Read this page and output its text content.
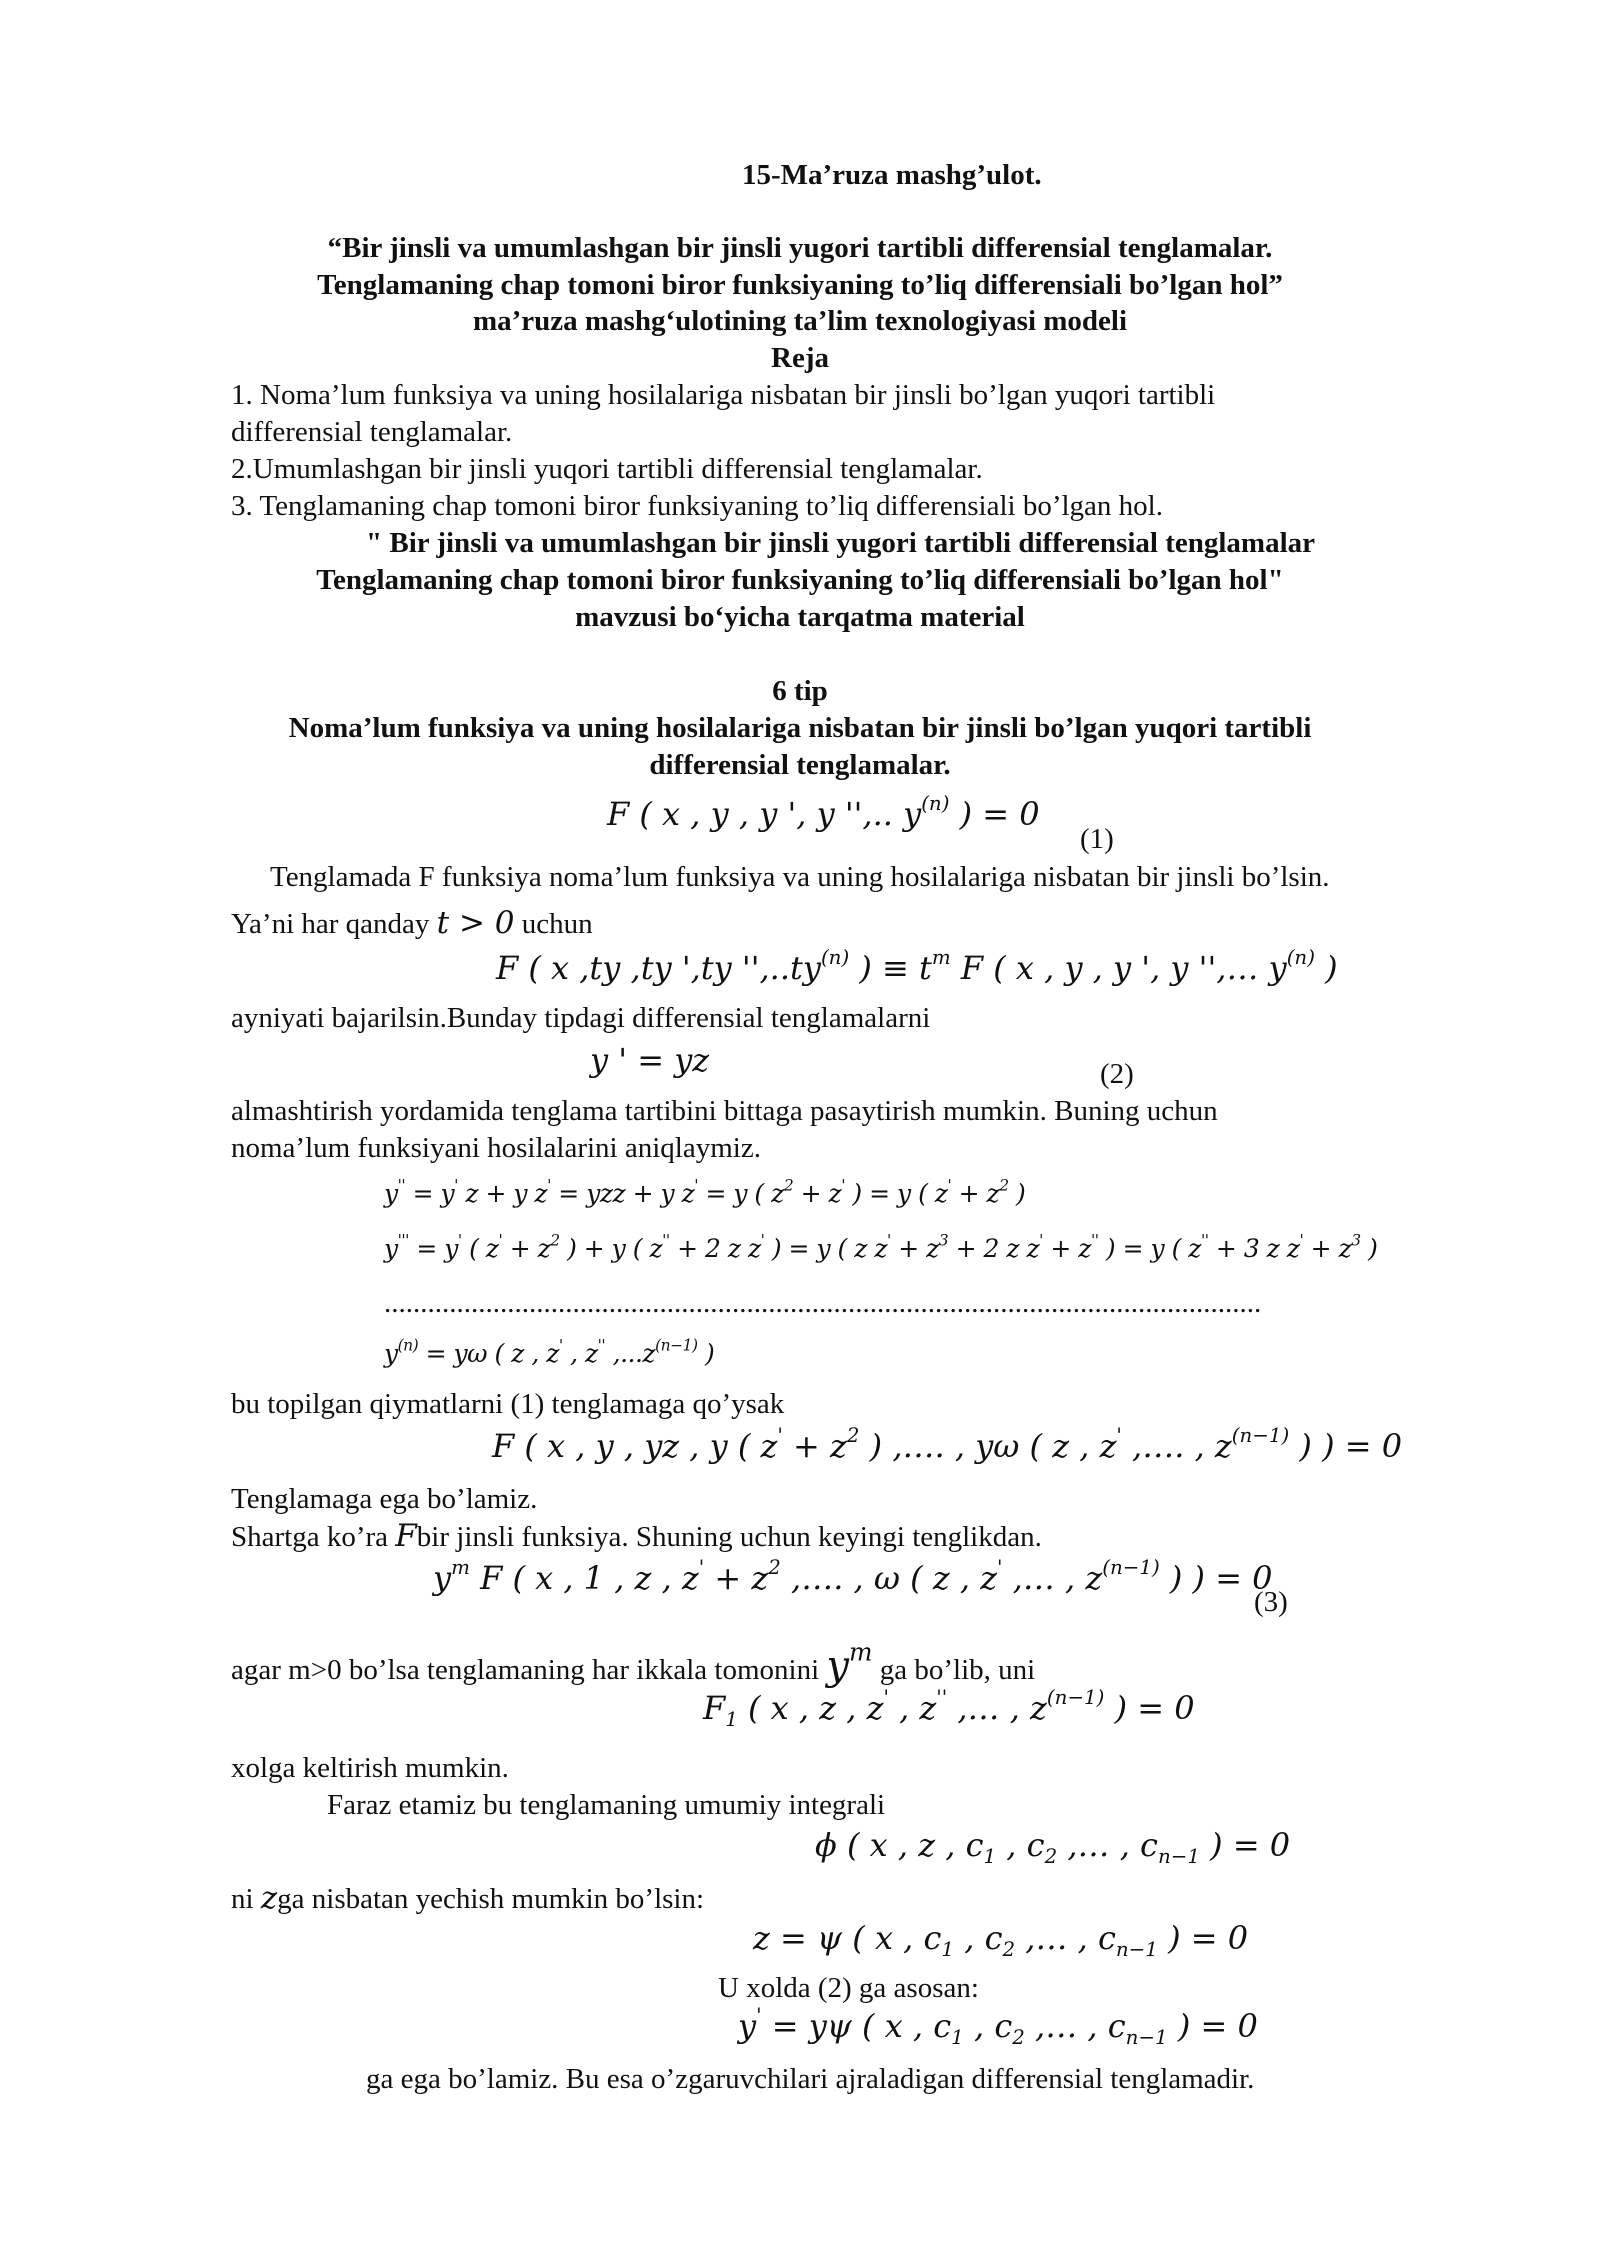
15-Ma’ruza mashg’ulot.
“Bir jinsli va umumlashgan bir jinsli yugori tartibli differensial tenglamalar.
Tenglamaning chap tomoni biror funksiyaning to’liq differensiali bo’lgan hol”
ma’ruza mashg‘ulotining ta’lim texnologiyasi modeli
Reja
1. Noma’lum funksiya va uning hosilalariga nisbatan bir jinsli bo’lgan yuqori tartibli
differensial tenglamalar.
2.Umumlashgan bir jinsli yuqori tartibli differensial tenglamalar.
3. Tenglamaning chap tomoni biror funksiyaning to’liq differensiali bo’lgan hol.
" Bir jinsli va umumlashgan bir jinsli yugori tartibli differensial tenglamalar
Tenglamaning chap tomoni biror funksiyaning to’liq differensiali bo’lgan hol"
mavzusi bo‘yicha tarqatma material
6 tip
Noma’lum funksiya va uning hosilalariga nisbatan bir jinsli bo’lgan yuqori tartibli
differensial tenglamalar.
F ( x , y , y ', y '',.. $y^{(n)}$ ) = 0
(1)
Tenglamada F funksiya noma’lum funksiya va uning hosilalariga nisbatan bir jinsli bo’lsin.
Ya’ni har qanday t > 0 uchun
F ( x ,ty ,ty ',ty ''$,..ty^{(n)}$ ) ≡ $t^m$ F ( x , y , y ', y '',… $y^{(n)}$ )
ayniyati bajarilsin.Bunday tipdagi differensial tenglamalarni
y ' = yz	(2)
almashtirish yordamida tenglama tartibini bittaga pasaytirish mumkin. Buning uchun
noma’lum funksiyani hosilalarini aniqlaymiz.
y'' = y' z + y z' = yzz + y z' = y ( $z^2 + z'$ ) = y ( $z' + z^2$ )
y''' = y' ( $z' + z^2$ ) + y ( z'' + 2 z z' ) = y ( z $z' + z^3 + 2$ z z' + z'' ) = y ( z'' + 3 z $z' + z^3$ )
.........................................................................................................................
$y^{(n)} = y\omega$ ( z , z' , z'' $,...z^{(n-1)}$ )
bu topilgan qiymatlarni (1) tenglamaga qo’ysak
F ( x , y , yz , y ( $z' + z^2$ ) ,…. , yω ( z , z' ,…. , $z^{(n-1)}$ ) ) = 0
Tenglamaga ega bo’lamiz.
Shartga ko’ra Fbir jinsli funksiya. Shuning uchun keyingi tenglikdan.
$y^m$ F ( x , 1 , z , $z' + z^2$ ,…. , ω ( z , z' ,… , $z^{(n-1)}$ ) ) = 0
(3)
agar m>0 bo’lsa tenglamaning har ikkala tomonini $y^m$ ga bo’lib, uni
$F_1$ ( x , z , z' , z'' ,… , $z^{(n-1)}$ ) = 0
xolga keltirish mumkin.
Faraz etamiz bu tenglamaning umumiy integrali
ϕ ( x , z , $c_1$ , $c_2$ ,… , $c_{n-1}$ ) = 0
ni zga nisbatan yechish mumkin bo’lsin:
z = ψ ( x , $c_1$ , $c_2$ ,… , $c_{n-1}$ ) = 0
U xolda (2) ga asosan:
y' = yψ ( x , $c_1$ , $c_2$ ,… , $c_{n-1}$ ) = 0
ga ega bo’lamiz. Bu esa o’zgaruvchilari ajraladigan differensial tenglamadir.
